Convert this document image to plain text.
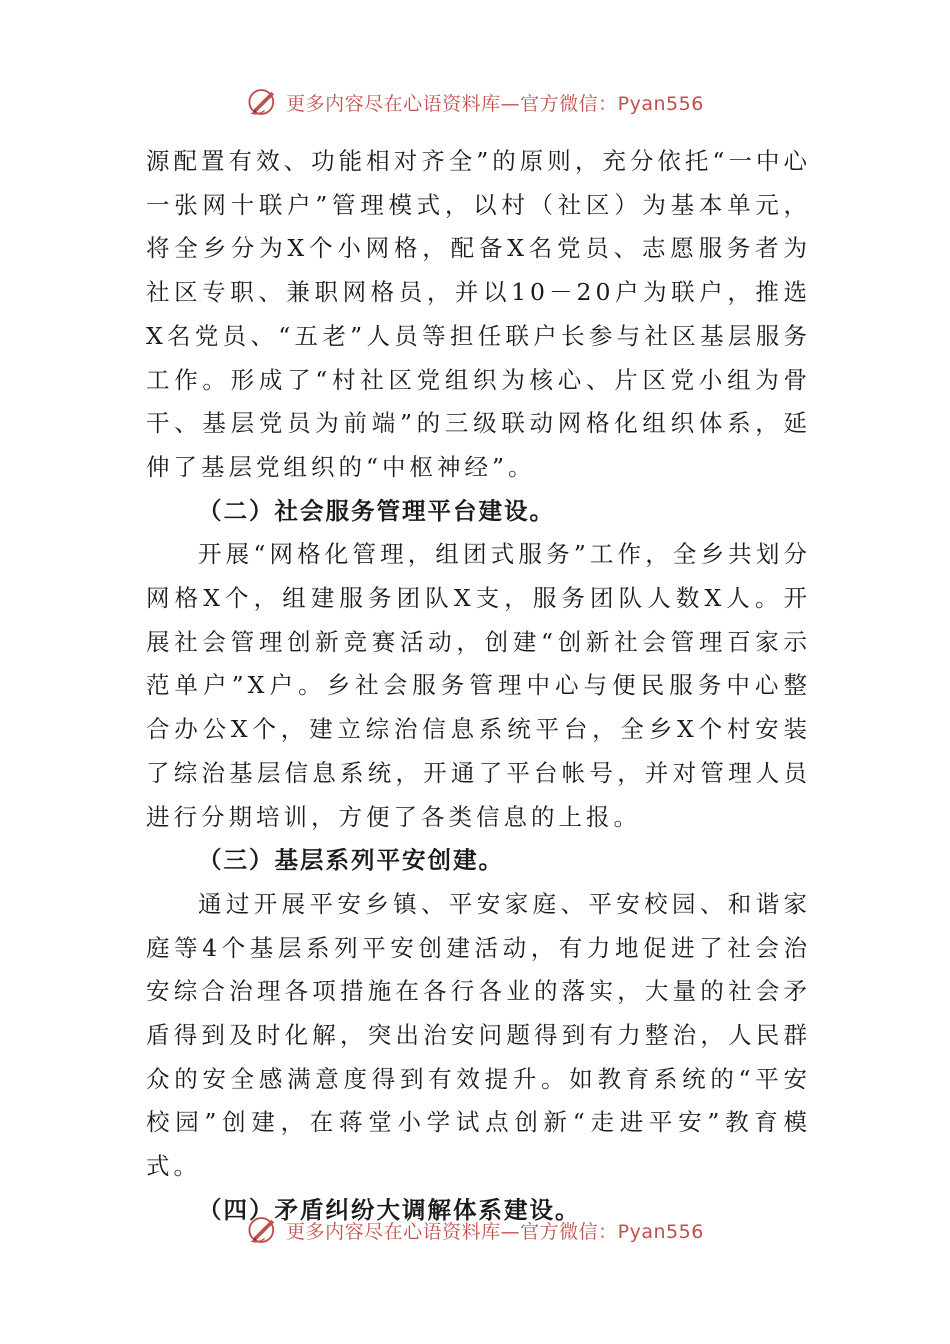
更多内容尽在心语资料库—官方微信：Pyan556

源配置有效、功能相对齐全”的原则，充分依托“一中心一张网十联户”管理模式，以村（社区）为基本单元，将全乡分为X个小网格，配备X名党员、志愿服务者为社区专职、兼职网格员，并以10－20户为联户，推选X名党员、“五老”人员等担任联户长参与社区基层服务工作。形成了“村社区党组织为核心、片区党小组为骨干、基层党员为前端”的三级联动网格化组织体系，延伸了基层党组织的“中枢神经”。

（二）社会服务管理平台建设。

开展“网格化管理，组团式服务”工作，全乡共划分网格X个，组建服务团队X支，服务团队人数X人。开展社会管理创新竞赛活动，创建“创新社会管理百家示范单户”X户。乡社会服务管理中心与便民服务中心整合办公X个，建立综治信息系统平台，全乡X个村安装了综治基层信息系统，开通了平台帐号，并对管理人员进行分期培训，方便了各类信息的上报。

（三）基层系列平安创建。

通过开展平安乡镇、平安家庭、平安校园、和谐家庭等4个基层系列平安创建活动，有力地促进了社会治安综合治理各项措施在各行各业的落实，大量的社会矛盾得到及时化解，突出治安问题得到有力整治，人民群众的安全感满意度得到有效提升。如教育系统的“平安校园”创建，在蒋堂小学试点创新“走进平安”教育模式。

（四）矛盾纠纷大调解体系建设。

更多内容尽在心语资料库—官方微信：Pyan556
